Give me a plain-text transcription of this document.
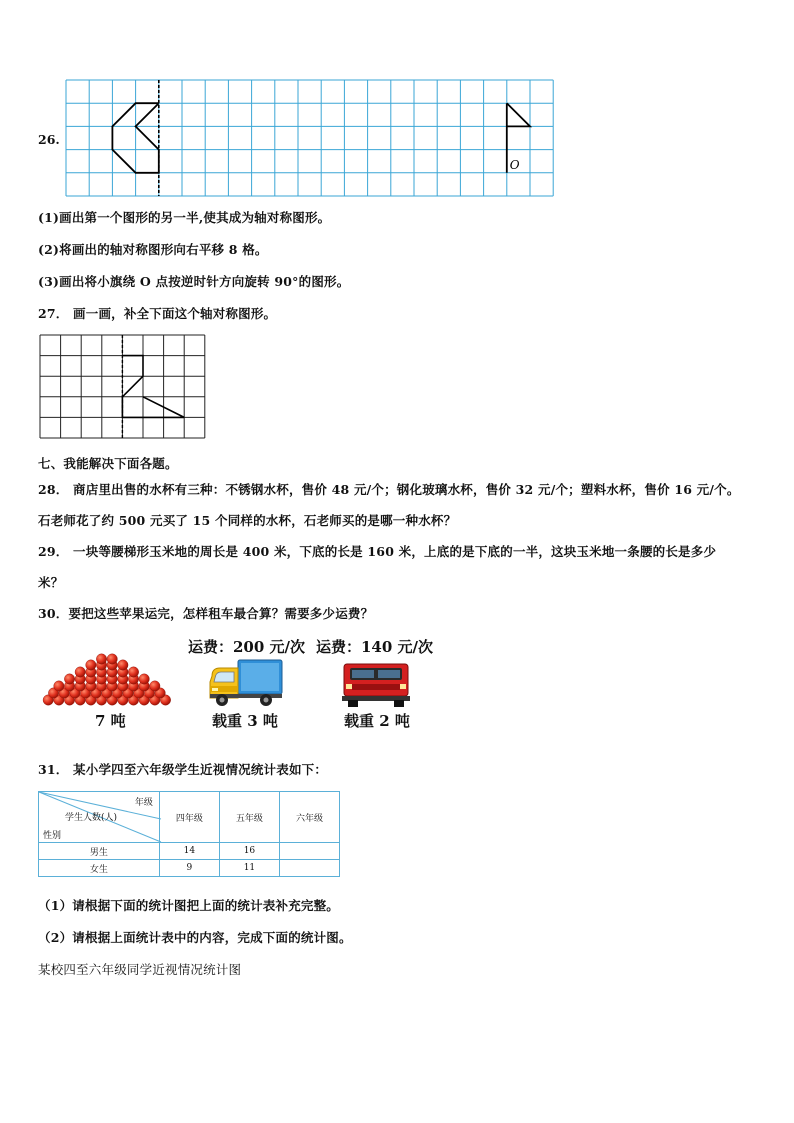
26.
O
(1)画出第一个图形的另一半,使其成为轴对称图形。
(2)将画出的轴对称图形向右平移 8 格。
(3)画出将小旗绕 O 点按逆时针方向旋转 90°的图形。
27． 画一画，补全下面这个轴对称图形。
七、我能解决下面各题。
28． 商店里出售的水杯有三种：不锈钢水杯，售价 48 元/个；钢化玻璃水杯，售价 32 元/个；塑料水杯，售价 16 元/个。
石老师花了约 500 元买了 15 个同样的水杯，石老师买的是哪一种水杯？
29． 一块等腰梯形玉米地的周长是 400 米，下底的长是 160 米，上底的是下底的一半，这块玉米地一条腰的长是多少
米？
30．要把这些苹果运完，怎样租车最合算？需要多少运费？
运费：200 元/次 运费：140 元/次
7 吨	载重 3 吨	载重 2 吨
31． 某小学四至六年级学生近视情况统计表如下：
年级
学生人数(人)
性别	四年级	五年级	六年级
男生	14	16	
女生	9	11	
（1）请根据下面的统计图把上面的统计表补充完整。
（2）请根据上面统计表中的内容，完成下面的统计图。
某校四至六年级同学近视情况统计图
